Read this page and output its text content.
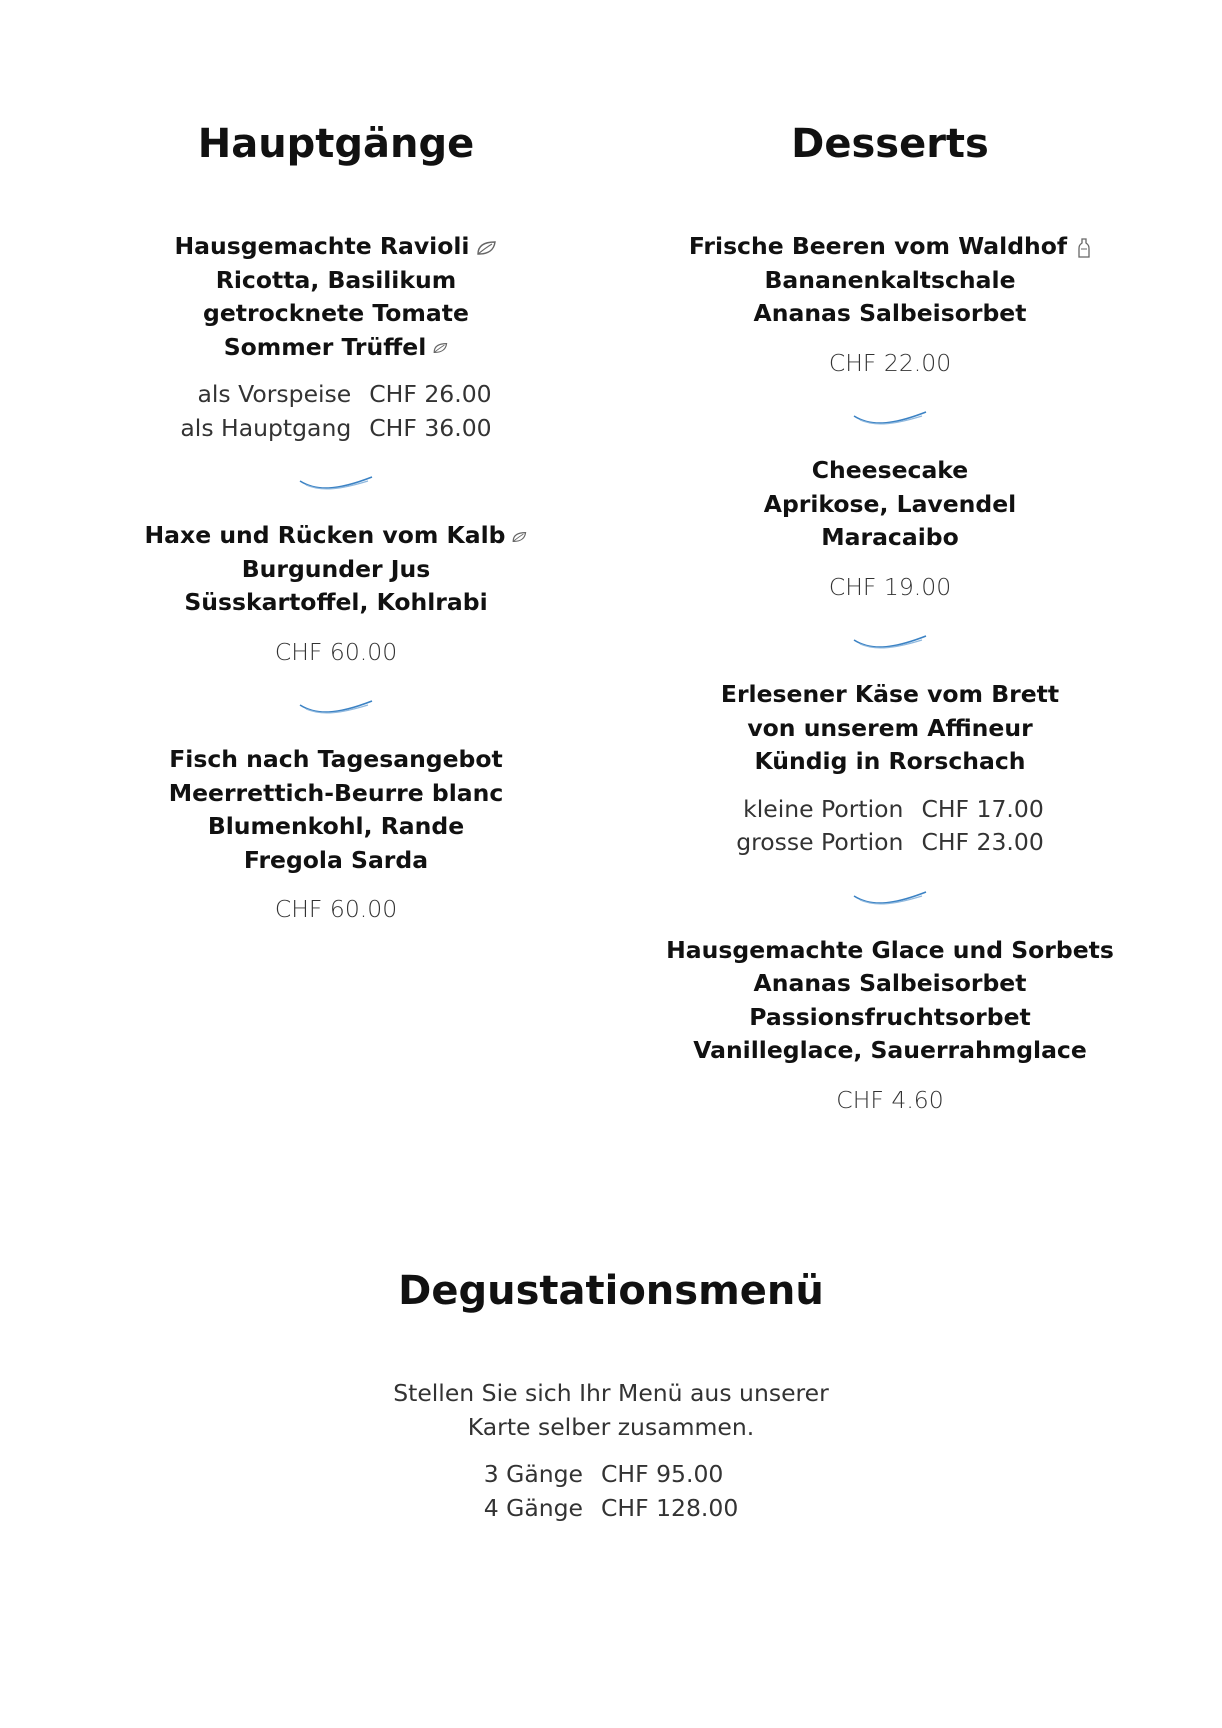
Hauptgänge
Hausgemachte Ravioli
Ricotta, Basilikum
getrocknete Tomate
Sommer Trüffel
als Vorspeise	CHF 26.00
als Hauptgang	CHF 36.00
Haxe und Rücken vom Kalb
Burgunder Jus
Süsskartoffel, Kohlrabi
CHF 60.00
Fisch nach Tagesangebot
Meerrettich-Beurre blanc
Blumenkohl, Rande
Fregola Sarda
CHF 60.00
Desserts
Frische Beeren vom Waldhof
Bananenkaltschale
Ananas Salbeisorbet
CHF 22.00
Cheesecake
Aprikose, Lavendel
Maracaibo
CHF 19.00
Erlesener Käse vom Brett
von unserem Affineur
Kündig in Rorschach
kleine Portion	CHF 17.00
grosse Portion	CHF 23.00
Hausgemachte Glace und Sorbets
Ananas Salbeisorbet
Passionsfruchtsorbet
Vanilleglace, Sauerrahmglace
CHF 4.60
Degustationsmenü
Stellen Sie sich Ihr Menü aus unserer
Karte selber zusammen.
3 Gänge	CHF 95.00
4 Gänge	CHF 128.00
